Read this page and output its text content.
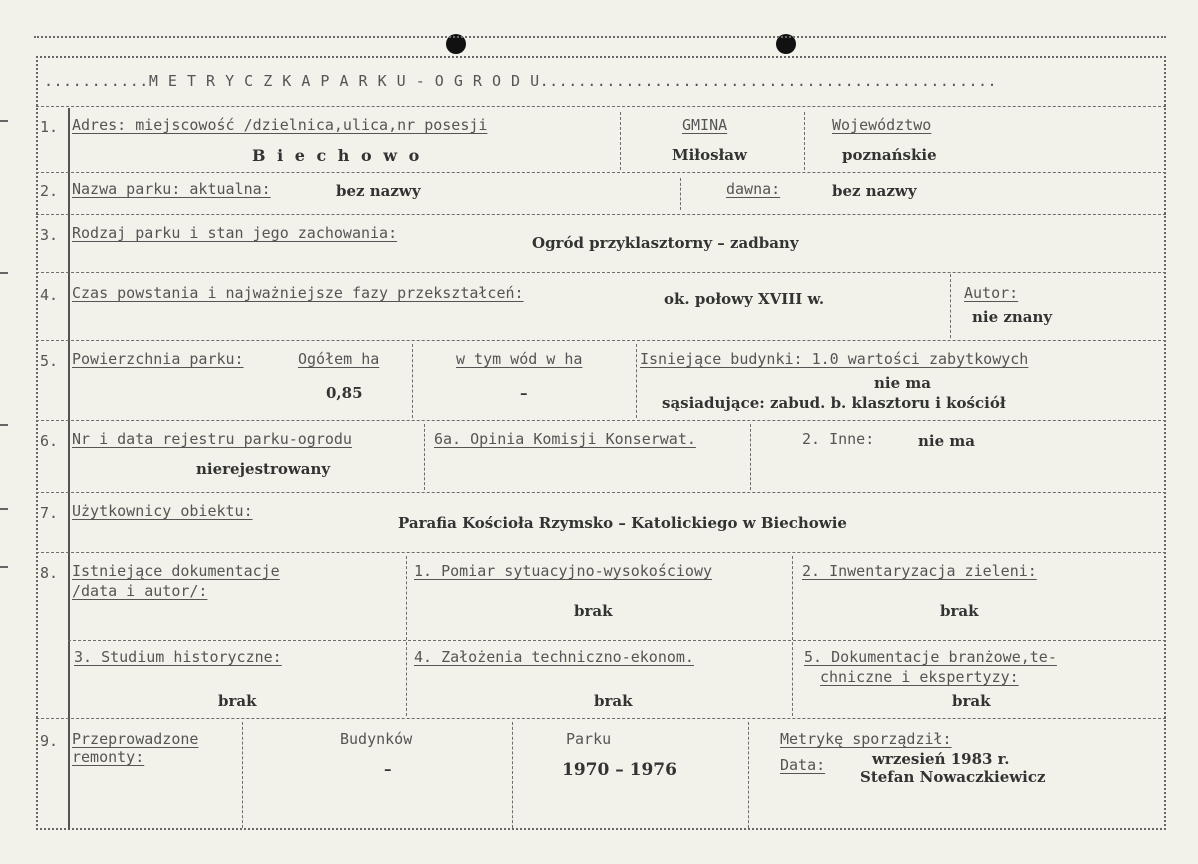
...........M E T R Y C Z K A P A R K U - O G R O D U................................................
1. Adres: miejscowość /dzielnica,ulica,nr posesji
B i e c h o w o
GMINA
Miłosław
Województwo
poznańskie
2. Nazwa parku: aktualna:	bez nazwy	dawna:	bez nazwy
3. Rodzaj parku i stan jego zachowania:
Ogród przyklasztorny – zadbany
4. Czas powstania i najważniejsze fazy przekształceń:	ok. połowy XVIII w.	Autor:
nie znany
5. Powierzchnia parku:	Ogółem ha
0,85
w tym wód w ha
–
Isniejące budynki: 1.0 wartości zabytkowych
nie ma
sąsiadujące: zabud. b. klasztoru i kościół
6. Nr i data rejestru parku-ogrodu
nierejestrowany
6a. Opinia Komisji Konserwat.	2. Inne:	nie ma
7. Użytkownicy obiektu:
Parafia Kościoła Rzymsko – Katolickiego w Biechowie
8. Istniejące dokumentacje
/data i autor/:
1. Pomiar sytuacyjno-wysokościowy
brak
2. Inwentaryzacja zieleni:
brak
3. Studium historyczne:
brak
4. Założenia techniczno-ekonom.
brak
5. Dokumentacje branżowe,te-
chniczne i ekspertyzy:
brak
9. Przeprowadzone
remonty:
Budynków
–
Parku
1970 – 1976
Metrykę sporządził:
Data:	wrzesień 1983 r.
Stefan Nowaczkiewicz
